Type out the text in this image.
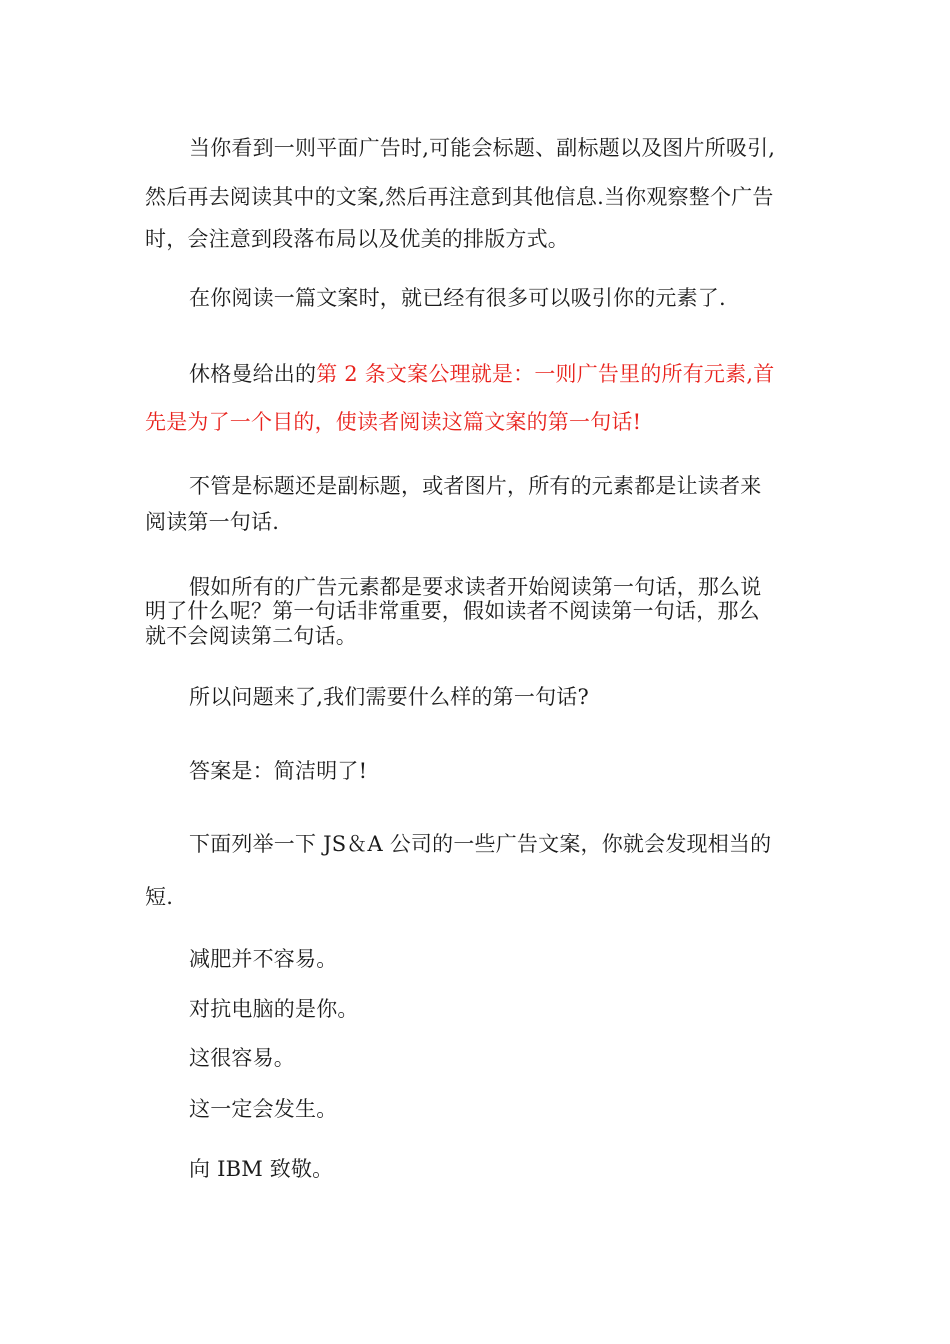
当你看到一则平面广告时,可能会标题、副标题以及图片所吸引,
然后再去阅读其中的文案,然后再注意到其他信息.当你观察整个广告
时，会注意到段落布局以及优美的排版方式。
在你阅读一篇文案时，就已经有很多可以吸引你的元素了.
休格曼给出的第 2 条文案公理就是：一则广告里的所有元素,首
先是为了一个目的，使读者阅读这篇文案的第一句话!
不管是标题还是副标题，或者图片，所有的元素都是让读者来
阅读第一句话.
假如所有的广告元素都是要求读者开始阅读第一句话，那么说
明了什么呢？第一句话非常重要，假如读者不阅读第一句话，那么
就不会阅读第二句话。
所以问题来了,我们需要什么样的第一句话?
答案是：简洁明了!
下面列举一下 JS＆A 公司的一些广告文案，你就会发现相当的
短.
减肥并不容易。
对抗电脑的是你。
这很容易。
这一定会发生。
向 IBM 致敬。
